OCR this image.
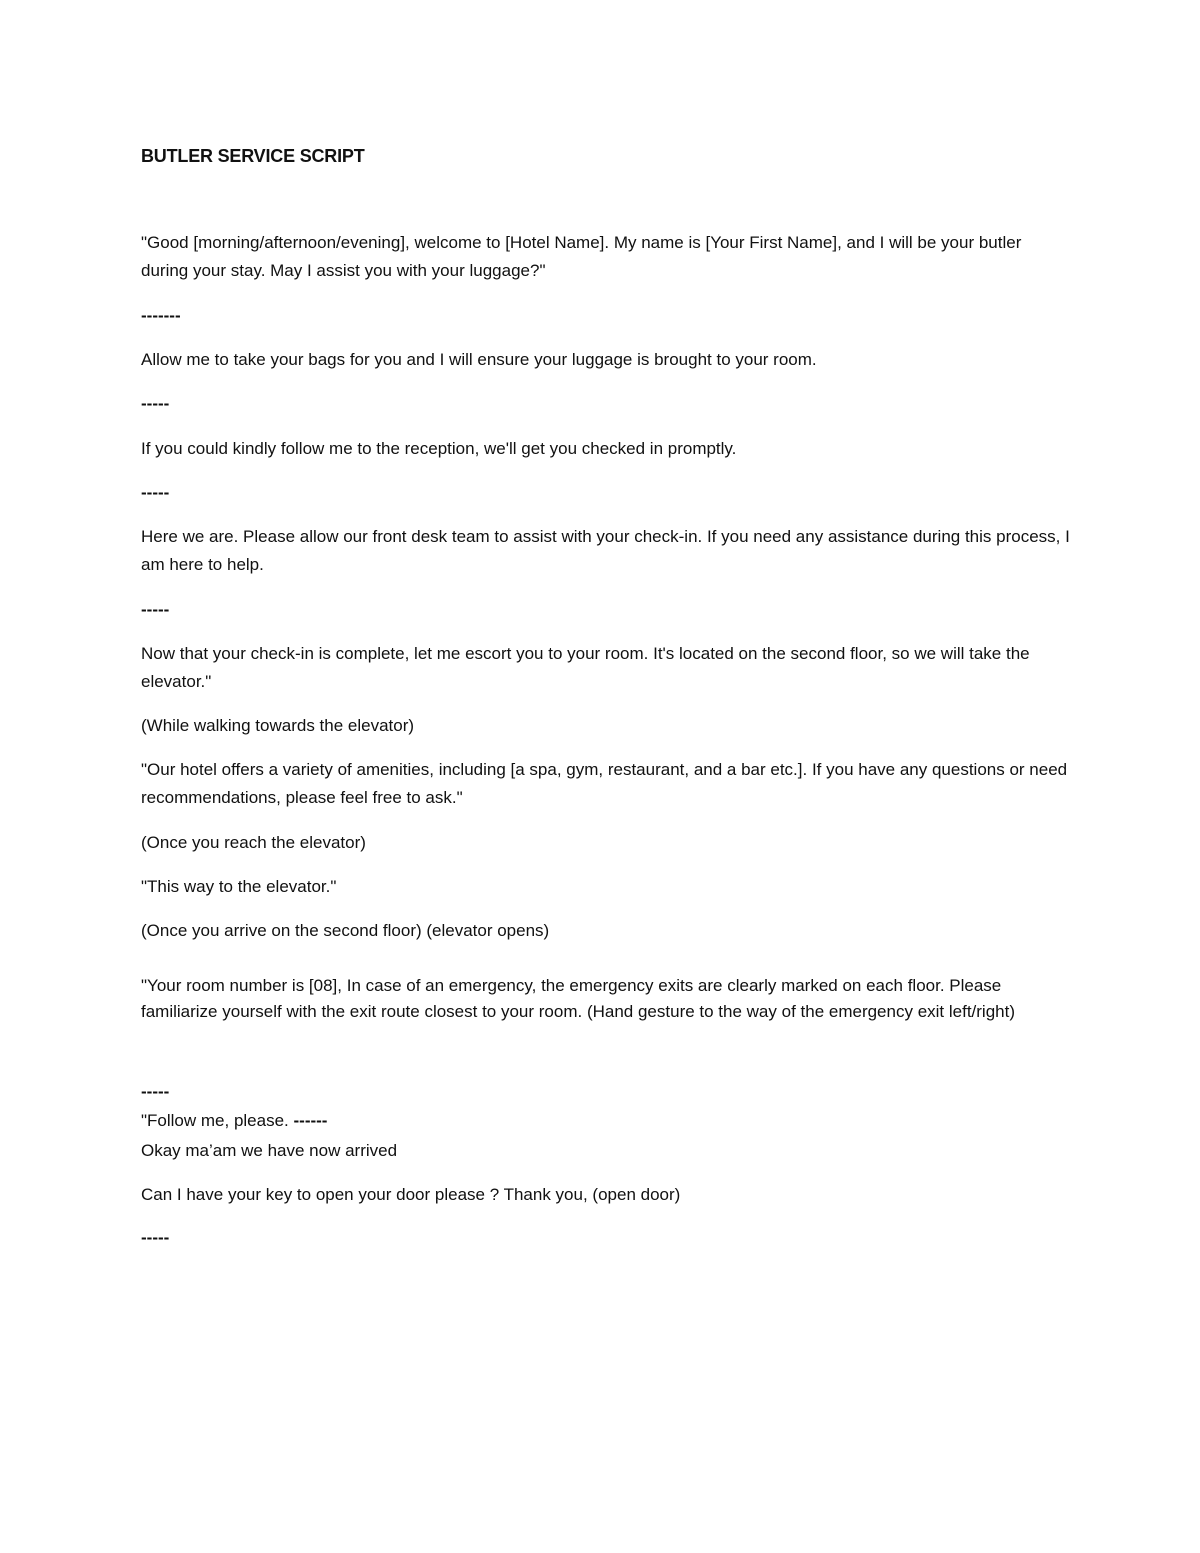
BUTLER SERVICE SCRIPT

"Good [morning/afternoon/evening], welcome to [Hotel Name]. My name is [Your First Name], and I will be your butler during your stay. May I assist you with your luggage?"

-------

Allow me to take your bags for you and I will ensure your luggage is brought to your room.

-----

If you could kindly follow me to the reception, we'll get you checked in promptly.

-----

Here we are. Please allow our front desk team to assist with your check-in. If you need any assistance during this process, I am here to help.

-----

Now that your check-in is complete, let me escort you to your room. It's located on the second floor, so we will take the elevator."

(While walking towards the elevator)

"Our hotel offers a variety of amenities, including [a spa, gym, restaurant, and a bar etc.]. If you have any questions or need recommendations, please feel free to ask."

(Once you reach the elevator)

"This way to the elevator."

(Once you arrive on the second floor) (elevator opens)

"Your room number is [08], In case of an emergency, the emergency exits are clearly marked on each floor. Please familiarize yourself with the exit route closest to your room. (Hand gesture to the way of the emergency exit left/right)

-----

"Follow me, please. ------

Okay ma’am we have now arrived

Can I have your key to open your door please ? Thank you, (open door)

-----
